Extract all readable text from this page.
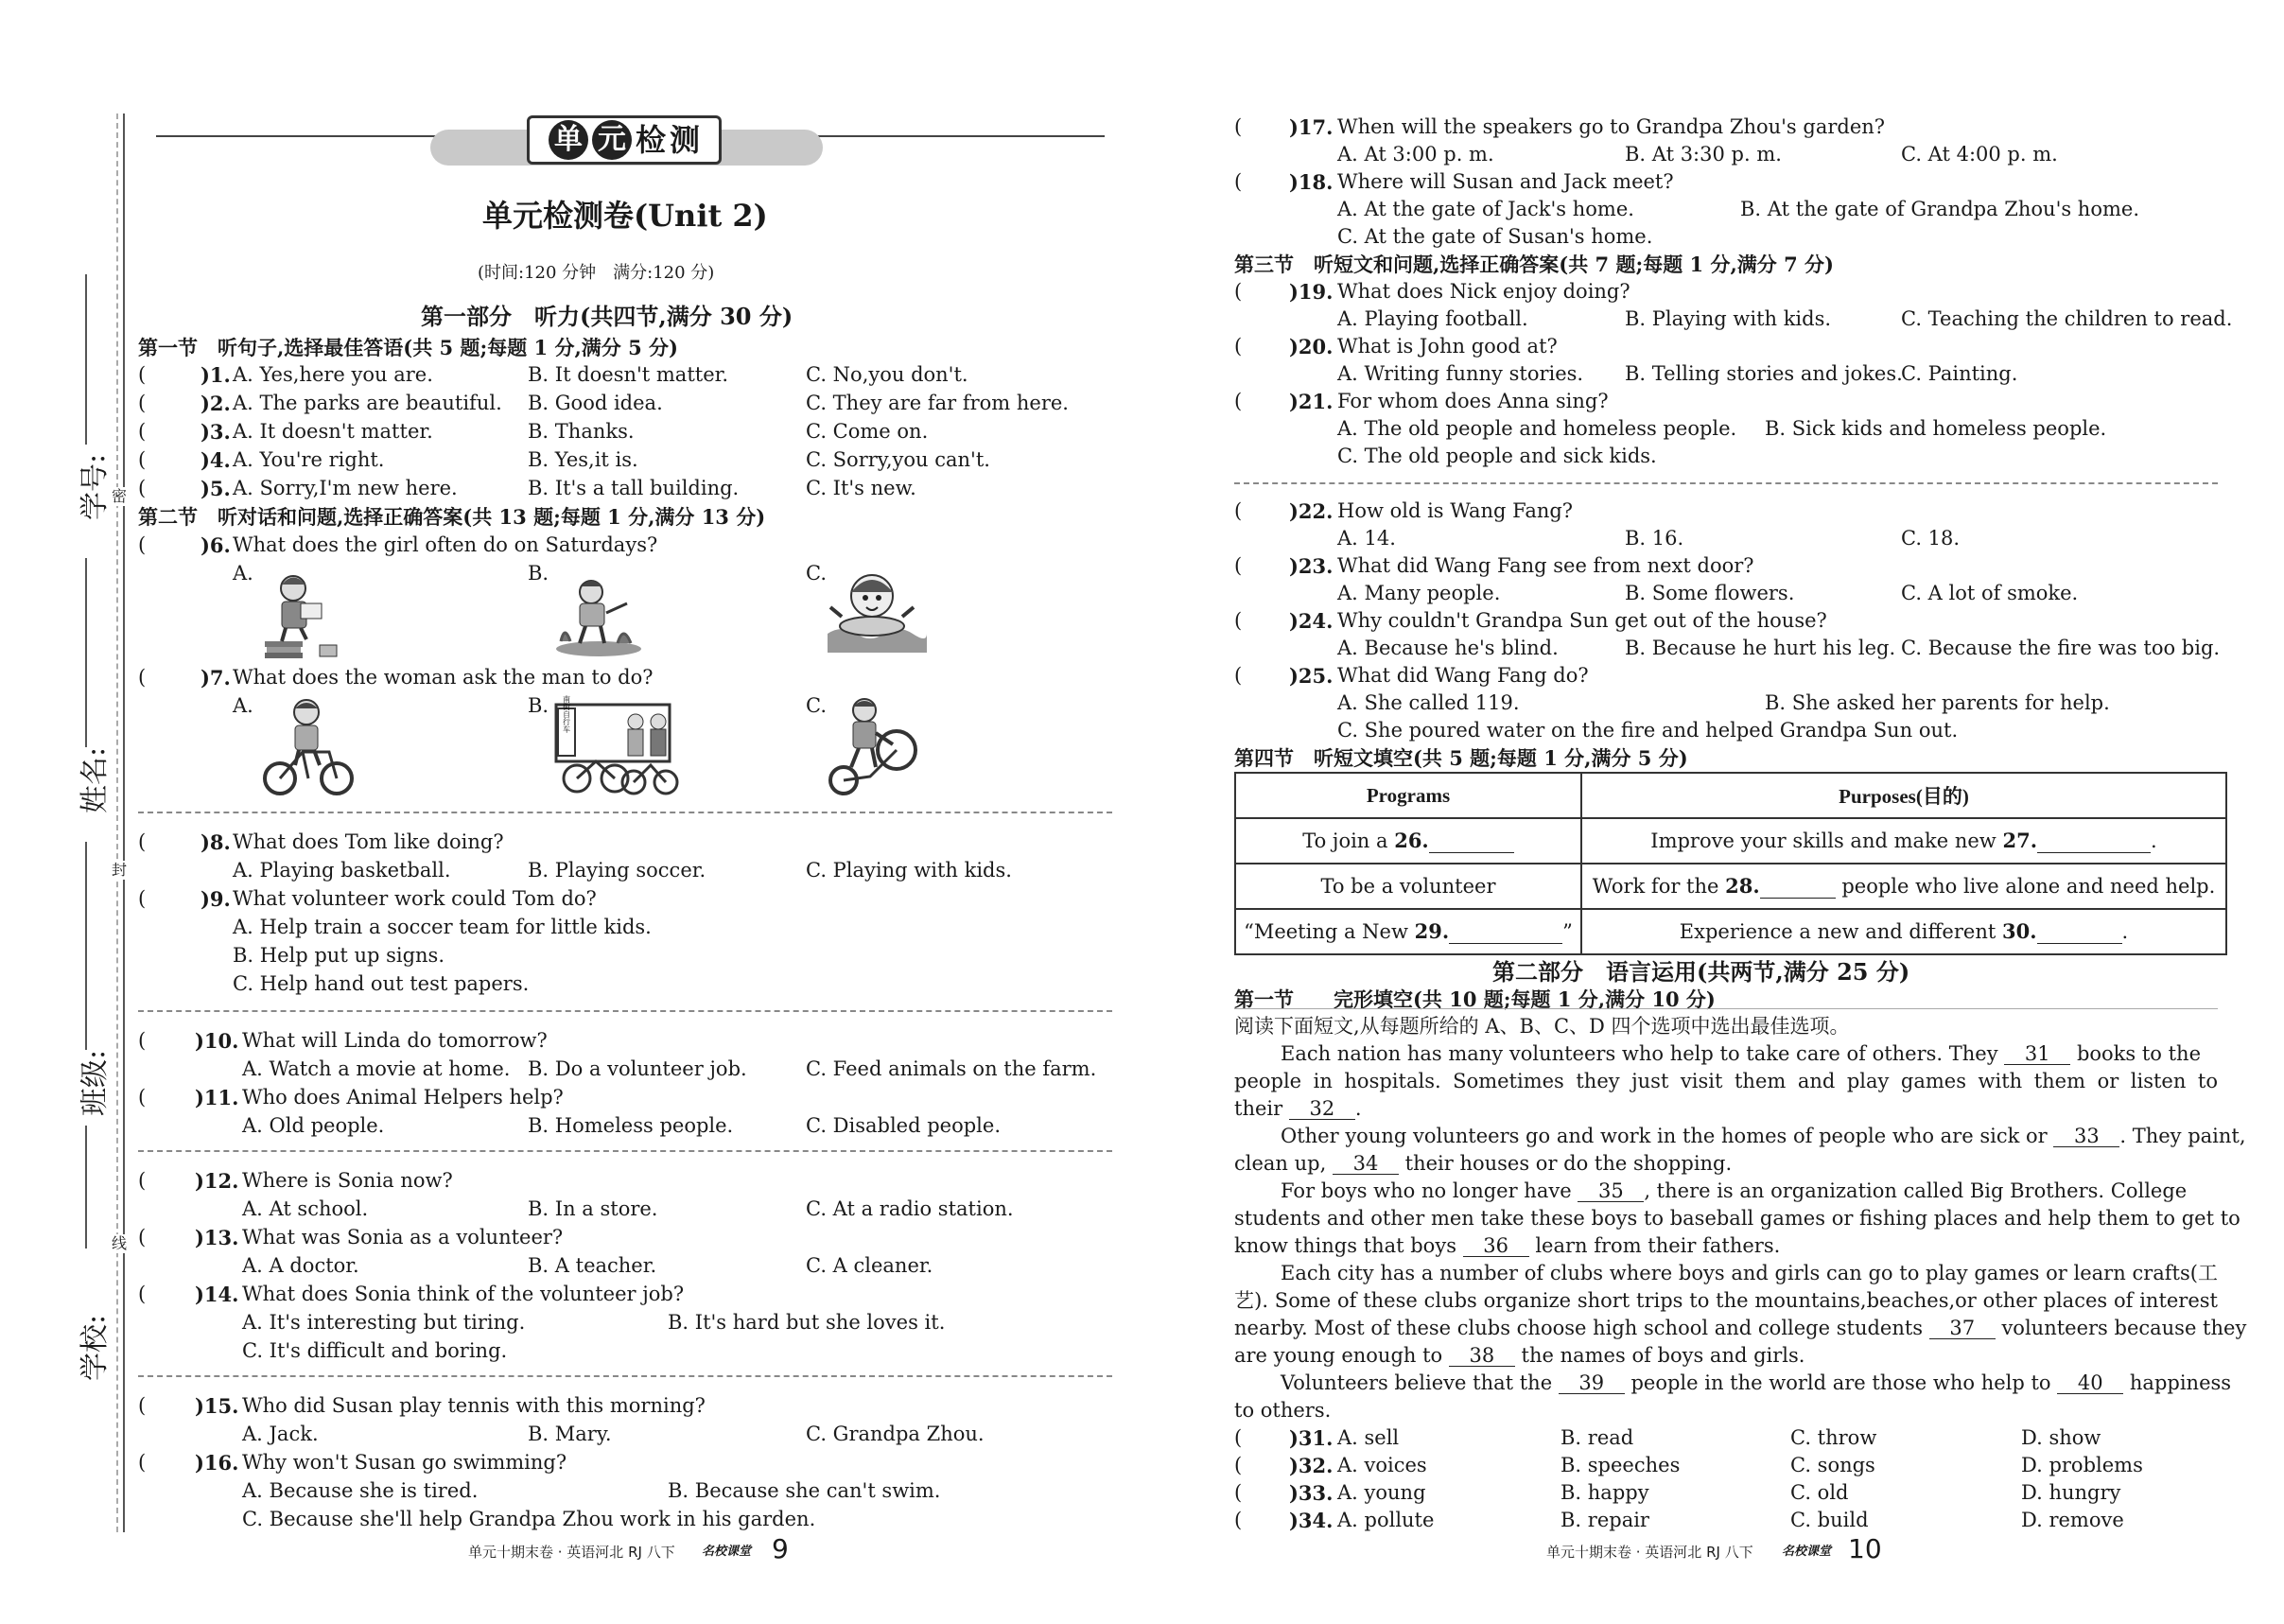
学号:
姓名:
班级:
学校:
密
封
线
单 元 检 测
单元检测卷(Unit 2)
(时间:120 分钟　满分:120 分)
第一部分　听力(共四节,满分 30 分)
第一节　听句子,选择最佳答语(共 5 题;每题 1 分,满分 5 分)
(	)1. A. Yes,here you are.	B. It doesn't matter.	C. No,you don't.
(	)2. A. The parks are beautiful. B. Good idea.	C. They are far from here.
(	)3. A. It doesn't matter.	B. Thanks.	C. Come on.
(	)4. A. You're right.	B. Yes,it is.	C. Sorry,you can't.
(	)5. A. Sorry,I'm new here.	B. It's a tall building.	C. It's new.
第二节　听对话和问题,选择正确答案(共 13 题;每题 1 分,满分 13 分)
(	)6. What does the girl often do on Saturdays?
A.	B.	C.
(	)7. What does the woman ask the man to do?
A.	B.	C.
南街自行车
(	)8. What does Tom like doing?
A. Playing basketball.	B. Playing soccer.	C. Playing with kids.
(	)9. What volunteer work could Tom do?
A. Help train a soccer team for little kids.
B. Help put up signs.
C. Help hand out test papers.
( )10. What will Linda do tomorrow?
A. Watch a movie at home. B. Do a volunteer job.	C. Feed animals on the farm.
( )11. Who does Animal Helpers help?
A. Old people.	B. Homeless people.	C. Disabled people.
( )12. Where is Sonia now?
A. At school.	B. In a store.	C. At a radio station.
( )13. What was Sonia as a volunteer?
A. A doctor.	B. A teacher.	C. A cleaner.
( )14. What does Sonia think of the volunteer job?
A. It's interesting but tiring.	B. It's hard but she loves it.
C. It's difficult and boring.
( )15. Who did Susan play tennis with this morning?
A. Jack.	B. Mary.	C. Grandpa Zhou.
( )16. Why won't Susan go swimming?
A. Because she is tired.	B. Because she can't swim.
C. Because she'll help Grandpa Zhou work in his garden.
单元十期末卷 · 英语河北 RJ 八下 名校课堂 9
( )17. When will the speakers go to Grandpa Zhou's garden?
A. At 3:00 p. m.	B. At 3:30 p. m.	C. At 4:00 p. m.
( )18. Where will Susan and Jack meet?
A. At the gate of Jack's home.	B. At the gate of Grandpa Zhou's home.
C. At the gate of Susan's home.
第三节　听短文和问题,选择正确答案(共 7 题;每题 1 分,满分 7 分)
( )19. What does Nick enjoy doing?
A. Playing football.	B. Playing with kids.	C. Teaching the children to read.
( )20. What is John good at?
A. Writing funny stories. B. Telling stories and jokes.
C. Painting.
( )21. For whom does Anna sing?
A. The old people and homeless people. B. Sick kids and homeless people.
C. The old people and sick kids.
( )22. How old is Wang Fang?
A. 14.	B. 16.	C. 18.
( )23. What did Wang Fang see from next door?
A. Many people.	B. Some flowers.	C. A lot of smoke.
( )24. Why couldn't Grandpa Sun get out of the house?
A. Because he's blind.	B. Because he hurt his leg. C. Because the fire was too big.
( )25. What did Wang Fang do?
A. She called 119.	B. She asked her parents for help.
C. She poured water on the fire and helped Grandpa Sun out.
第四节　听短文填空(共 5 题;每题 1 分,满分 5 分)
Programs	Purposes(目的)
To join a 26.	Improve your skills and make new 27. .
To be a volunteer	Work for the 28. people who live alone and need help.
“Meeting a New 29. ”	Experience a new and different 30. .
第二部分　语言运用(共两节,满分 25 分)
第一节　　完形填空(共 10 题;每题 1 分,满分 10 分)
阅读下面短文,从每题所给的 A、B、C、D 四个选项中选出最佳选项。
Each nation has many volunteers who help to take care of others. They 31 books to the
people in hospitals. Sometimes they just visit them and play games with them or listen to
their 32 .
Other young volunteers go and work in the homes of people who are sick or 33 . They paint,
clean up, 34 their houses or do the shopping.
For boys who no longer have 35 , there is an organization called Big Brothers. College
students and other men take these boys to baseball games or fishing places and help them to get to
know things that boys 36 learn from their fathers.
Each city has a number of clubs where boys and girls can go to play games or learn crafts(工
艺). Some of these clubs organize short trips to the mountains,beaches,or other places of interest
nearby. Most of these clubs choose high school and college students 37 volunteers because they
are young enough to 38 the names of boys and girls.
Volunteers believe that the 39 people in the world are those who help to 40 happiness
to others.
( )31. A. sell	B. read	C. throw	D. show
( )32. A. voices	B. speeches	C. songs	D. problems
( )33. A. young	B. happy	C. old	D. hungry
( )34. A. pollute	B. repair	C. build	D. remove
单元十期末卷 · 英语河北 RJ 八下 名校课堂 10
